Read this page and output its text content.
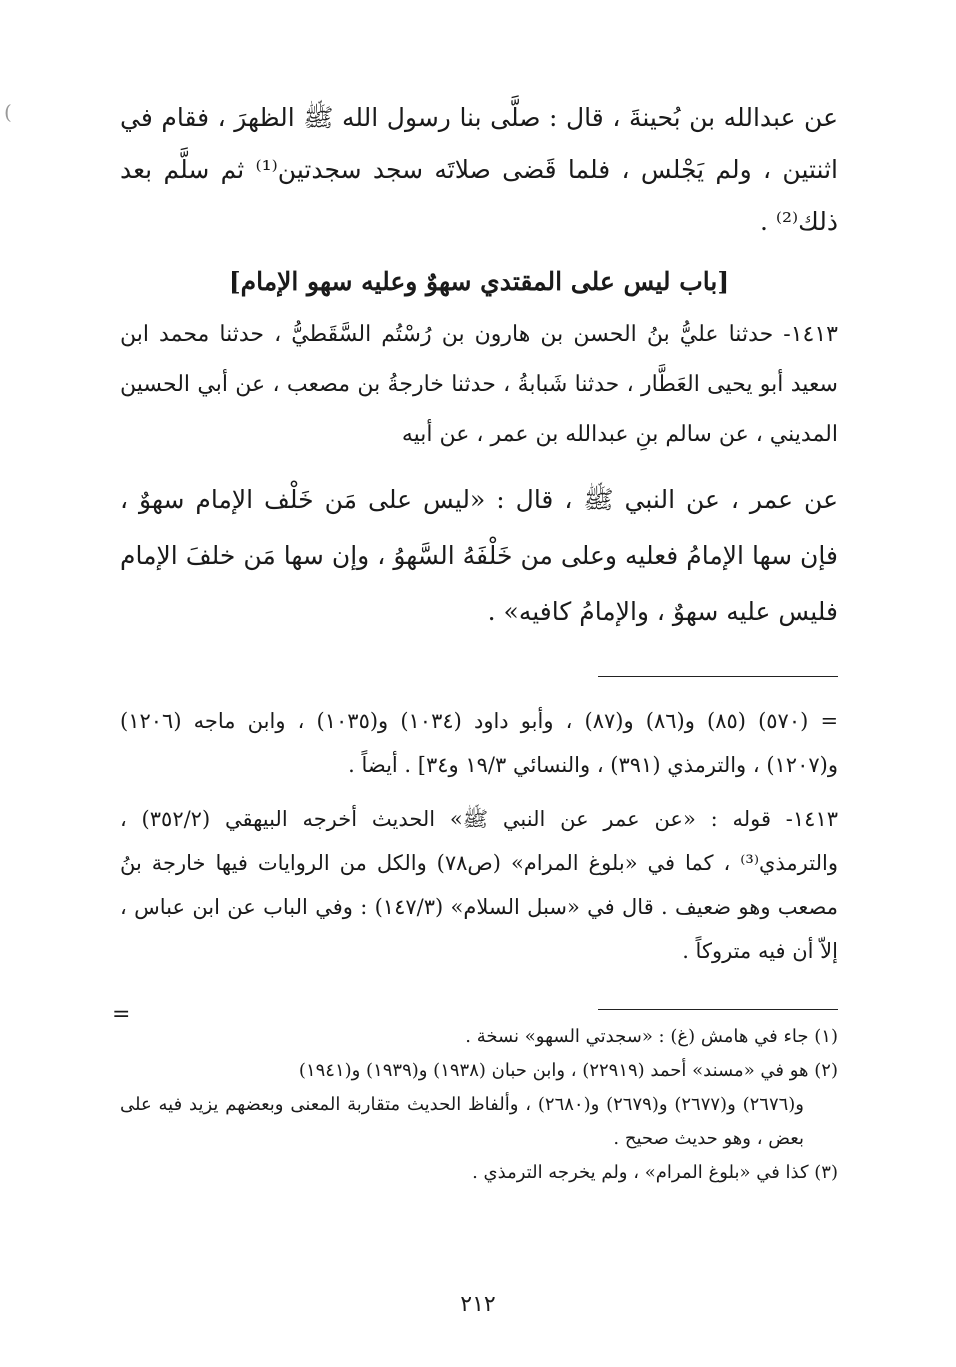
(	عن عبدالله بن بُحينةَ ، قال : صلَّى بنا رسول الله ﷺ الظهرَ ، فقام في اثنتين ، ولم يَجْلس ، فلما قَضى صلاتَه سجد سجدتين⁽¹⁾ ثم سلَّم بعد ذلك⁽²⁾ .

[باب ليس على المقتدي سهوٌ وعليه سهو الإمام]

١٤١٣- حدثنا عليُّ بنُ الحسن بن هارون بن رُسْتُم السَّقَطيُّ ، حدثنا محمد ابن سعيد أبو يحيى العَطَّار ، حدثنا شَبابةُ ، حدثنا خارجةُ بن مصعب ، عن أبي الحسين المديني ، عن سالم بنِ عبدالله بن عمر ، عن أبيه

عن عمر ، عن النبي ﷺ ، قال : «ليس على مَن خَلْف الإمام سهوٌ ، فإن سها الإمامُ فعليه وعلى من خَلْفَهُ السَّهوُ ، وإن سها مَن خلفَ الإمام فليس عليه سهوٌ ، والإمامُ كافيه» .

= (٥٧٠) (٨٥) و(٨٦) و(٨٧) ، وأبو داود (١٠٣٤) و(١٠٣٥) ، وابن ماجه (١٢٠٦) و(١٢٠٧) ، والترمذي (٣٩١) ، والنسائي ١٩/٣ و٣٤] . أيضاً .

١٤١٣- قوله : «عن عمر عن النبي ﷺ» الحديث أخرجه البيهقي (٣٥٢/٢) ، والترمذي⁽³⁾ ، كما في «بلوغ المرام» (ص٧٨) والكل من الروايات فيها خارجة بنُ مصعب وهو ضعيف . قال في «سبل السلام» (١٤٧/٣) : وفي الباب عن ابن عباس ، إلاّ أن فيه متروكاً .

(١) جاء في هامش (غ) : «سجدتي السهو» نسخة .

(٢) هو في «مسند» أحمد (٢٢٩١٩) ، وابن حبان (١٩٣٨) و(١٩٣٩) و(١٩٤١)

و(٢٦٧٦) و(٢٦٧٧) و(٢٦٧٩) و(٢٦٨٠) ، وألفاظ الحديث متقاربة المعنى وبعضهم يزيد فيه على بعض ، وهو حديث صحيح .

(٣) كذا في «بلوغ المرام» ، ولم يخرجه الترمذي .

=
٢١٢
